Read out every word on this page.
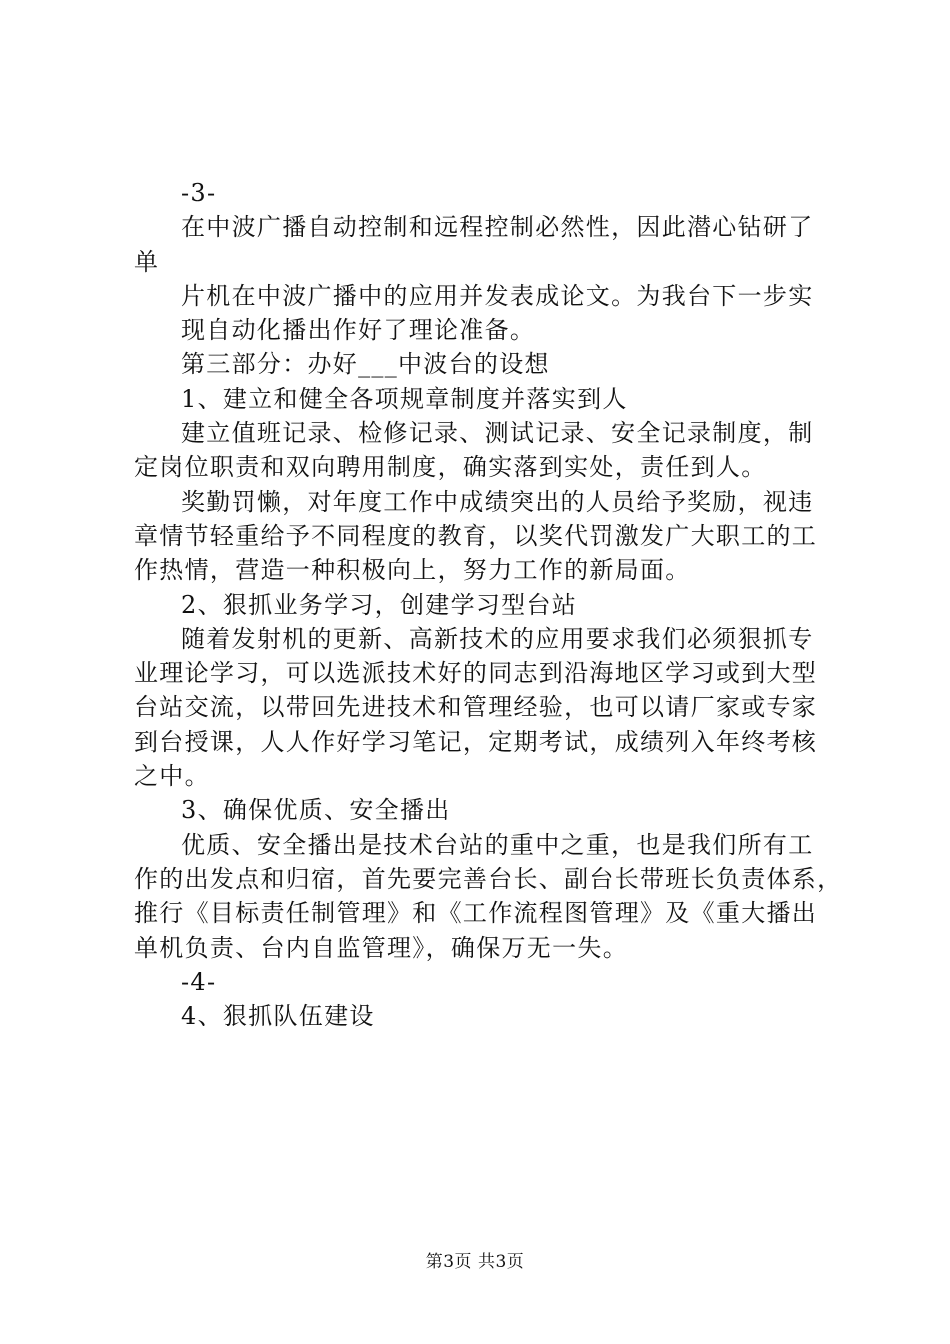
-3-
在中波广播自动控制和远程控制必然性，因此潜心钻研了
单
片机在中波广播中的应用并发表成论文。为我台下一步实
现自动化播出作好了理论准备。
第三部分：办好___中波台的设想
1、建立和健全各项规章制度并落实到人
建立值班记录、检修记录、测试记录、安全记录制度，制
定岗位职责和双向聘用制度，确实落到实处，责任到人。
奖勤罚懒，对年度工作中成绩突出的人员给予奖励，视违
章情节轻重给予不同程度的教育，以奖代罚激发广大职工的工
作热情，营造一种积极向上，努力工作的新局面。
2、狠抓业务学习，创建学习型台站
随着发射机的更新、高新技术的应用要求我们必须狠抓专
业理论学习，可以选派技术好的同志到沿海地区学习或到大型
台站交流，以带回先进技术和管理经验，也可以请厂家或专家
到台授课，人人作好学习笔记，定期考试，成绩列入年终考核
之中。
3、确保优质、安全播出
优质、安全播出是技术台站的重中之重，也是我们所有工
作的出发点和归宿，首先要完善台长、副台长带班长负责体系，
推行《目标责任制管理》和《工作流程图管理》及《重大播出
单机负责、台内自监管理》，确保万无一失。
-4-
4、狠抓队伍建设
第3页 共3页
